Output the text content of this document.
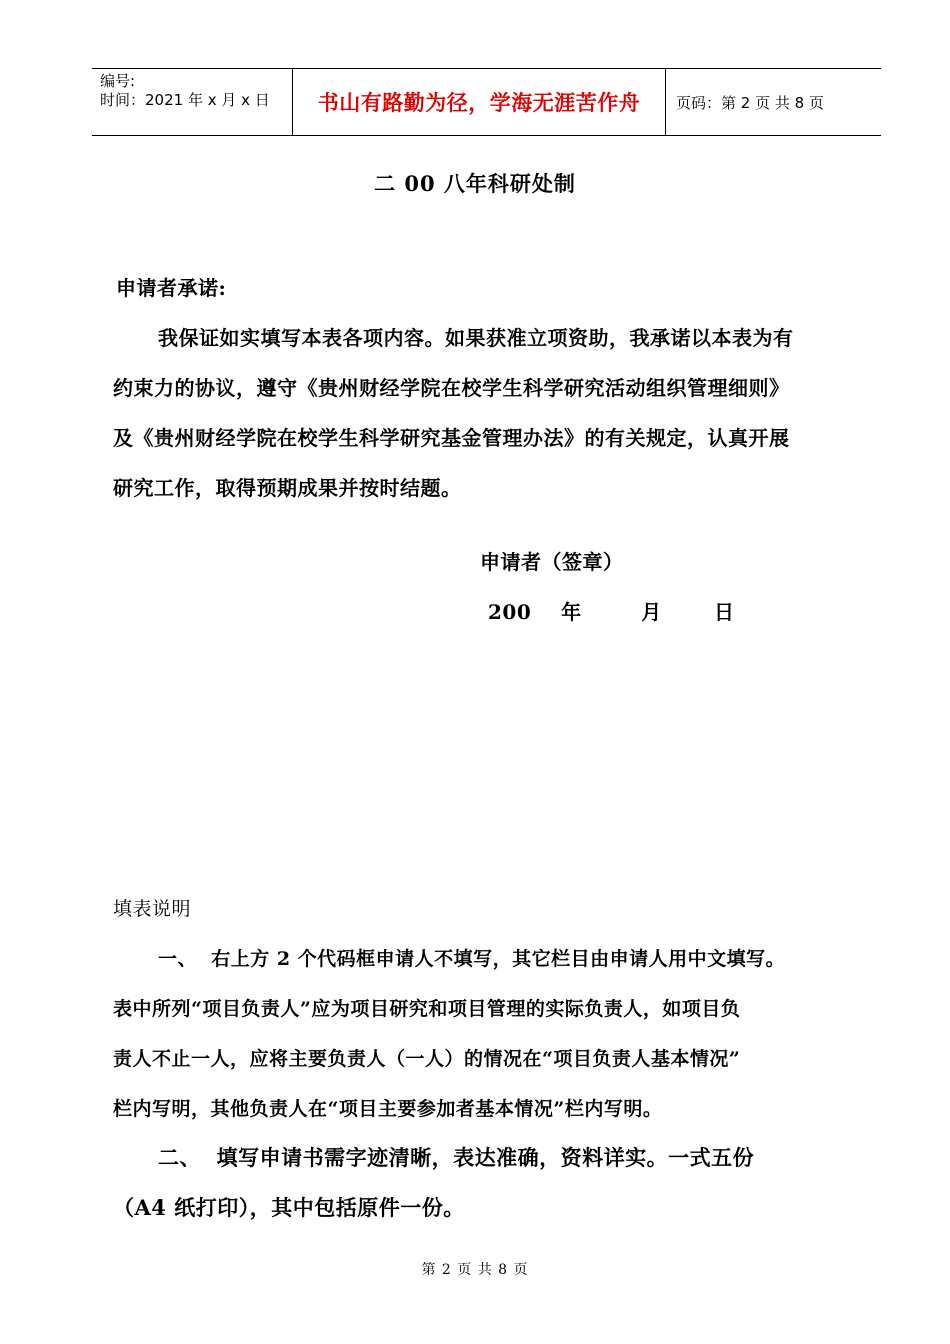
编号:
时间：2021 年 x 月 x 日	书山有路勤为径，学海无涯苦作舟 页码：第 2 页 共 8 页
二 00 八年科研处制
申请者承诺:
我保证如实填写本表各项内容。如果获准立项资助，我承诺以本表为有
约束力的协议，遵守《贵州财经学院在校学生科学研究活动组织管理细则》
及《贵州财经学院在校学生科学研究基金管理办法》的有关规定，认真开展
研究工作，取得预期成果并按时结题。
申请者（签章）
200    年        月       日
填表说明
一、  右上方 2 个代码框申请人不填写，其它栏目由申请人用中文填写。
表中所列“项目负责人”应为项目研究和项目管理的实际负责人，如项目负
责人不止一人，应将主要负责人（一人）的情况在“项目负责人基本情况”
栏内写明，其他负责人在“项目主要参加者基本情况”栏内写明。
二、  填写申请书需字迹清晰，表达准确，资料详实。一式五份
（A4 纸打印），其中包括原件一份。
第 2 页 共 8 页
